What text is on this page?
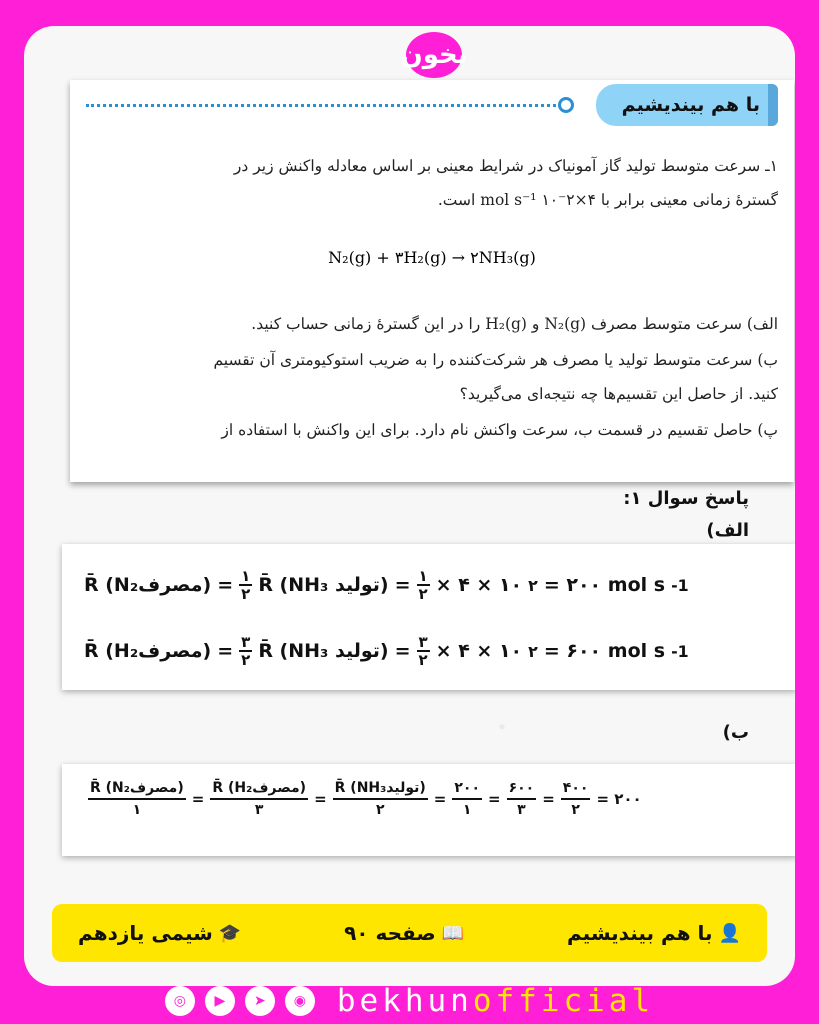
بخون
با هم بیندیشیم
۱ـ سرعت متوسط تولید گاز آمونیاک در شرایط معینی بر اساس معادله واکنش زیر در
گسترۀ زمانی معینی برابر با mol s⁻¹ ۱۰⁻۲×۴ است.
N₂(g) + ۳H₂(g) → ۲NH₃(g)
الف) سرعت متوسط مصرف N₂(g) و H₂(g) را در این گسترۀ زمانی حساب کنید.
ب) سرعت متوسط تولید یا مصرف هر شرکت‌کننده را به ضریب استوکیومتری آن تقسیم
کنید. از حاصل این تقسیم‌ها چه نتیجه‌ای می‌گیرید؟
پ) حاصل تقسیم در قسمت ب، سرعت واکنش نام دارد. برای این واکنش با استفاده از
پاسخ سوال ۱:
الف)
R̄ (N₂مصرف) = $\frac{۱}{۲}$ R̄ (NH₃ تولید) = $\frac{۱}{۲}$ × ۴ × ۱۰ ۲ = ۲۰۰ mol s -1
R̄ (H₂مصرف) = $\frac{۳}{۲}$ R̄ (NH₃ تولید) = $\frac{۳}{۲}$ × ۴ × ۱۰ ۲ = ۶۰۰ mol s -1
ب)
$\frac{\text{R̄ (N₂مصرف)}}{۱} = \frac{\text{R̄ (H₂مصرف)}}{۳} = \frac{\text{R̄ (NH₃تولید)}}{۲} = \frac{۲۰۰}{۱} = \frac{۶۰۰}{۳} = \frac{۴۰۰}{۲}$ = ۲۰۰
👤
با هم بیندیشیم
📖
صفحه ۹۰
🎓
شیمی یازدهم
◎	▶	➤	◉ bekhunofficial
